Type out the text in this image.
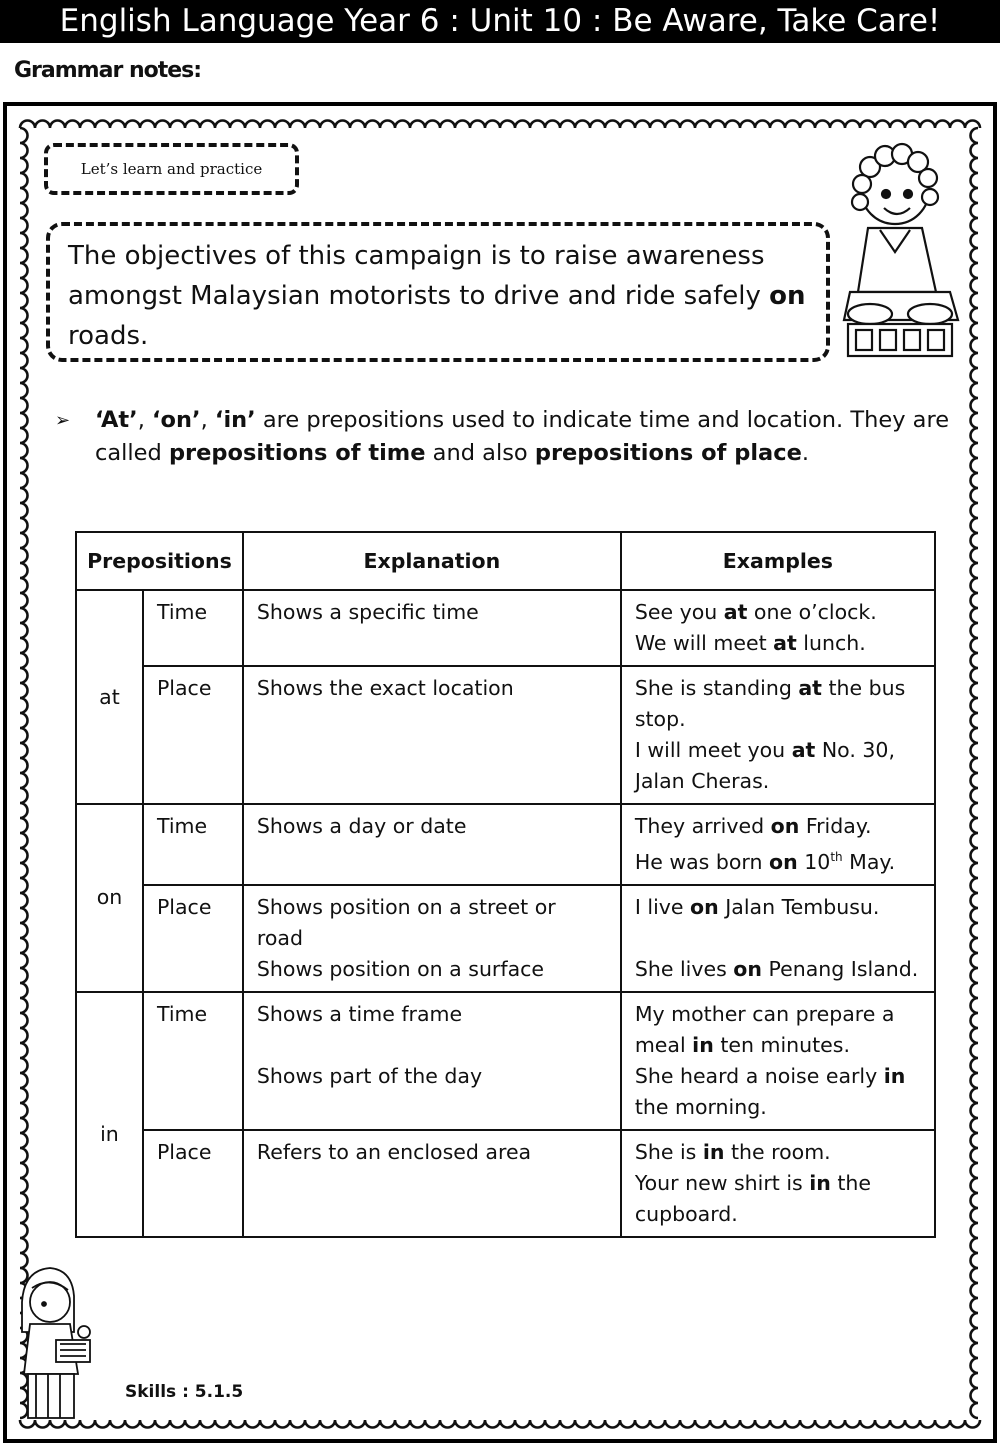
English Language Year 6 : Unit 10 : Be Aware, Take Care!
Grammar notes:
Let’s learn and practice
The objectives of this campaign is to raise awareness amongst Malaysian motorists to drive and ride safely on roads.
➢ ‘At’, ‘on’, ‘in’ are prepositions used to indicate time and location. They are called prepositions of time and also prepositions of place.
Prepositions		Explanation	Examples
at	Time	Shows a specific time	See you at one o’clock.
We will meet at lunch.

	Place	Shows the exact location	She is standing at the bus stop.
I will meet you at No. 30, Jalan Cheras.

on	Time	Shows a day or date	They arrived on Friday.
He was born on 10th May.

	Place	Shows position on a street or road
Shows position on a surface	I live on Jalan Tembusu.
She lives on Penang Island.

in	Time	Shows a time frame
Shows part of the day	My mother can prepare a meal in ten minutes.
She heard a noise early in the morning.

	Place	Refers to an enclosed area	She is in the room.
Your new shirt is in the cupboard.
Skills : 5.1.5
